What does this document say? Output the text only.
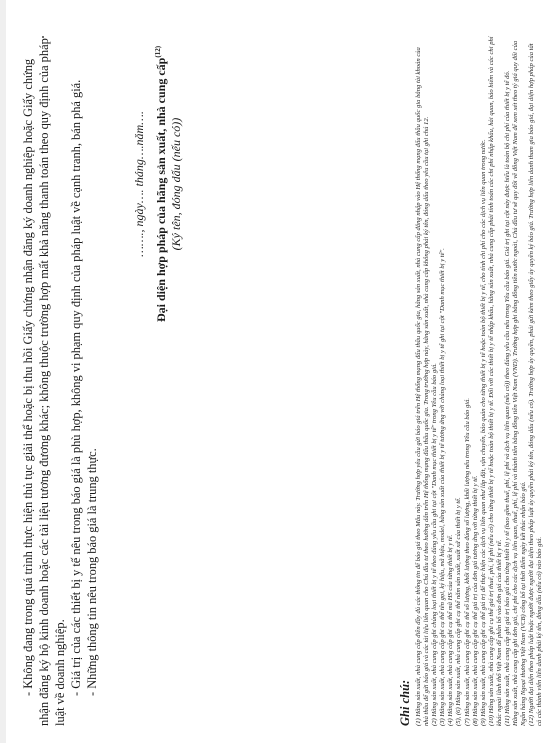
- Không đang trong quá trình thực hiện thủ tục giải thể hoặc bị thu hồi Giấy chứng nhận đăng ký doanh nghiệp hoặc Giấy chứng nhận đăng ký hộ kinh doanh hoặc các tài liệu tương đương khác; không thuộc trường hợp mất khả năng thanh toán theo quy định của pháp luật về doanh nghiệp. - Giá trị của các thiết bị y tế nêu trong báo giá là phù hợp, không vi phạm quy định của pháp luật về cạnh tranh, bán phá giá. - Những thông tin nêu trong báo giá là trung thực.

……., ngày…. tháng….năm…. Đại diện hợp pháp của hãng sản xuất, nhà cung cấp$^{(12)}$
(Ký tên, đóng dấu (nếu có))
Ghi chú: (1) Hãng sản xuất, nhà cung cấp điền đầy đủ các thông tin để báo giá theo Mẫu này. Trường hợp yêu cầu gửi báo giá trên Hệ thống mạng đấu thầu quốc gia, hãng sản xuất, nhà cung cấp đăng nhập vào Hệ thống mạng đấu thầu quốc gia bằng tài khoản của nhà thầu để gửi báo giá và các tài liệu liên quan cho Chủ đầu tư theo hướng dẫn trên Hệ thống mạng đấu thầu quốc gia. Trong trường hợp này, hãng sản xuất, nhà cung cấp không phải ký tên, đóng dấu theo yêu cầu tại ghi chú 12. (2) Hãng sản xuất, nhà cung cấp ghi chủng loại thiết bị y tế theo đúng yêu cầu ghi tại cột "Danh mục thiết bị y tế" trong Yêu cầu báo giá. (3) Hãng sản xuất, nhà cung cấp ghi cụ thể tên gọi, ký hiệu, mã hiệu, model, hãng sản xuất của thiết bị y tế tương ứng với chủng loại thiết bị y tế ghi tại cột "Danh mục thiết bị y tế". (4) Hãng sản xuất, nhà cung cấp ghi cụ thể mã HS của từng thiết bị y tế. (5), (6) Hãng sản xuất, nhà cung cấp ghi cụ thể năm sản xuất, xuất xứ của thiết bị y tế. (7) Hãng sản xuất, nhà cung cấp ghi cụ thể số lượng, khối lượng theo đúng số lượng, khối lượng nêu trong Yêu cầu báo giá. (8) Hãng sản xuất, nhà cung cấp ghi cụ thể giá trị của đơn giá tương ứng với từng thiết bị y tế. (9) Hãng sản xuất, nhà cung cấp ghi cụ thể giá trị để thực hiện các dịch vụ liên quan như lắp đặt, vận chuyển, bảo quản cho từng thiết bị y tế hoặc toàn bộ thiết bị y tế, cho tính chi phí cho các dịch vụ liên quan trong nước. (10) Hãng sản xuất, nhà cung cấp ghi cụ thể giá trị thuế, phí, lệ phí (nếu có) cho từng thiết bị y tế hoặc toàn bộ thiết bị y tế. Đối với các thiết bị y tế nhập khẩu, hãng sản xuất, nhà cung cấp phải tính toán các chi phí nhập khẩu, hải quan, bảo hiểm và các chi phí khác ngoài lãnh thổ Việt Nam để phân bổ vào đơn giá của thiết bị y tế. (11) Hãng sản xuất, nhà cung cấp ghi giá trị báo giá cho từng thiết bị y tế (bao gồm thuế, phí, lệ phí và dịch vụ liên quan (nếu có)) theo đúng yêu cầu nêu trong Yêu cầu báo giá. Giá trị ghi tại cột này được hiểu là toàn bộ chi phí của thiết bị y tế đó. Hãng sản xuất, nhà cung cấp ghi đơn giá, chi phí cho các dịch vụ liên quan, thuế, phí, lệ phí và thành tiền bằng đồng tiền Việt Nam (VND). Trường hợp ghi bằng đồng tiền nước ngoài, Chủ đầu tư sẽ quy đổi về đồng Việt Nam để xem xét theo tỷ giá quy đổi của Ngân hàng Ngoại thương Việt Nam (VCB) công bố tại thời điểm ngày kết thúc nhận báo giá. (12) Người đại diện theo pháp luật hoặc người được người đại diện theo pháp luật ủy quyền phải ký tên, đóng dấu (nếu có). Trường hợp ủy quyền, phải gửi kèm theo giấy ủy quyền ký báo giá. Trường hợp liên danh tham gia báo giá, đại diện hợp pháp của tất cả các thành viên liên danh phải ký tên, đóng dấu (nếu có) vào báo giá.
